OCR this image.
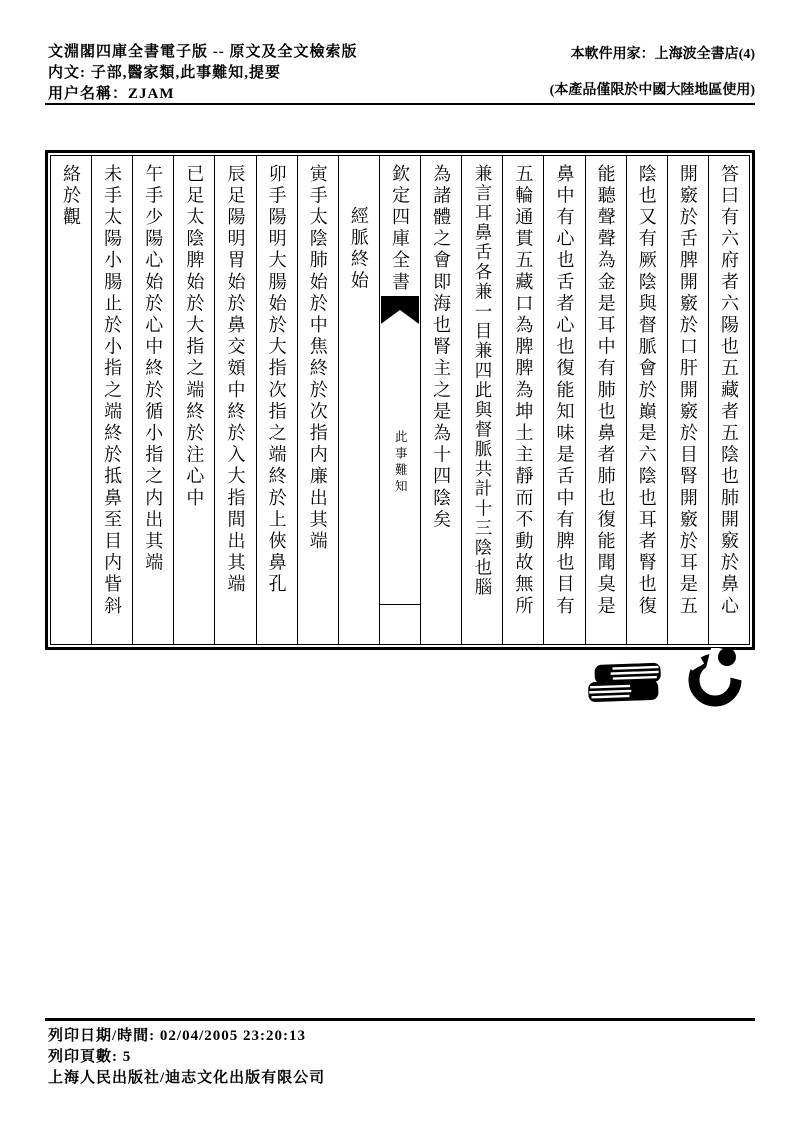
文淵閣四庫全書電子版 -- 原文及全文檢索版
内文: 子部,醫家類,此事難知,提要
用户名稱：ZJAM
本軟件用家：上海波全書店(4)
(本產品僅限於中國大陸地區使用)
答曰有六府者六陽也五藏者五陰也肺開竅於鼻心
開竅於舌脾開竅於口肝開竅於目腎開竅於耳是五
陰也又有厥陰與督脈會於巔是六陰也耳者腎也復
能聽聲聲為金是耳中有肺也鼻者肺也復能聞臭是
鼻中有心也舌者心也復能知味是舌中有脾也目有
五輪通貫五藏口為脾脾為坤土主靜而不動故無所
兼言耳鼻舌各兼一目兼四此與督脈共計十三陰也腦
為諸體之會即海也腎主之是為十四陰矣
欽定四庫全書
此事難知
經脈終始
寅手太陰肺始於中焦終於次指内廉出其端
卯手陽明大腸始於大指次指之端終於上俠鼻孔
辰足陽明胃始於鼻交頞中終於入大指間出其端
已足太陰脾始於大指之端終於注心中
午手少陽心始於心中終於循小指之内出其端
未手太陽小腸止於小指之端終於抵鼻至目内眥斜
絡於觀
列印日期/時間: 02/04/2005 23:20:13
列印頁數: 5
上海人民出版社/迪志文化出版有限公司
